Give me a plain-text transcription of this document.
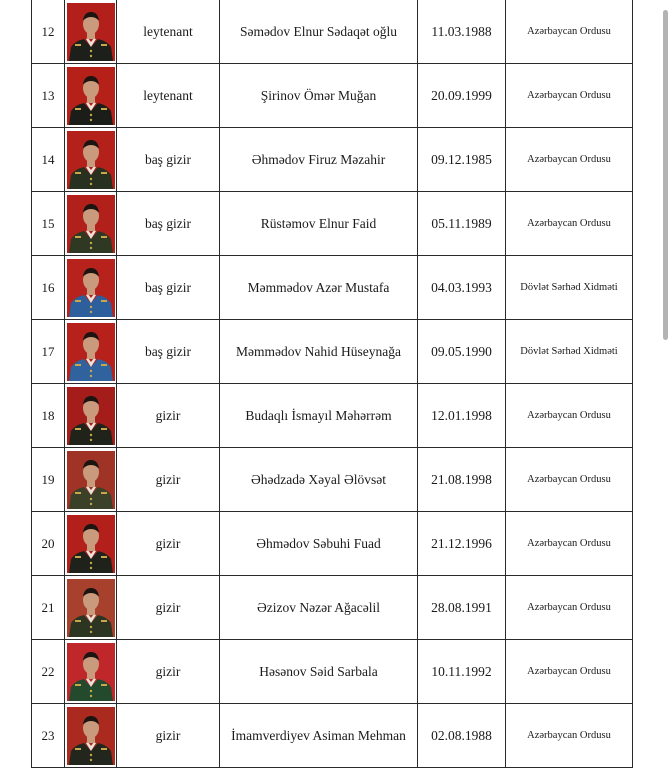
12		leytenant	Səmədov Elnur Sədaqət oğlu	11.03.1988	Azərbaycan Ordusu
13		leytenant	Şirinov Ömər Muğan	20.09.1999	Azərbaycan Ordusu
14		baş gizir	Əhmədov Firuz Məzahir	09.12.1985	Azərbaycan Ordusu
15		baş gizir	Rüstəmov Elnur Faid	05.11.1989	Azərbaycan Ordusu
16		baş gizir	Məmmədov Azər Mustafa	04.03.1993	Dövlət Sərhəd Xidməti
17		baş gizir	Məmmədov Nahid Hüseynağa	09.05.1990	Dövlət Sərhəd Xidməti
18		gizir	Budaqlı İsmayıl Məhərrəm	12.01.1998	Azərbaycan Ordusu
19		gizir	Əhədzadə Xəyal Əlövsət	21.08.1998	Azərbaycan Ordusu
20		gizir	Əhmədov Səbuhi Fuad	21.12.1996	Azərbaycan Ordusu
21		gizir	Əzizov Nəzər Ağacəlil	28.08.1991	Azərbaycan Ordusu
22		gizir	Həsənov Səid Sarbala	10.11.1992	Azərbaycan Ordusu
23		gizir	İmamverdiyev Asiman Mehman	02.08.1988	Azərbaycan Ordusu
